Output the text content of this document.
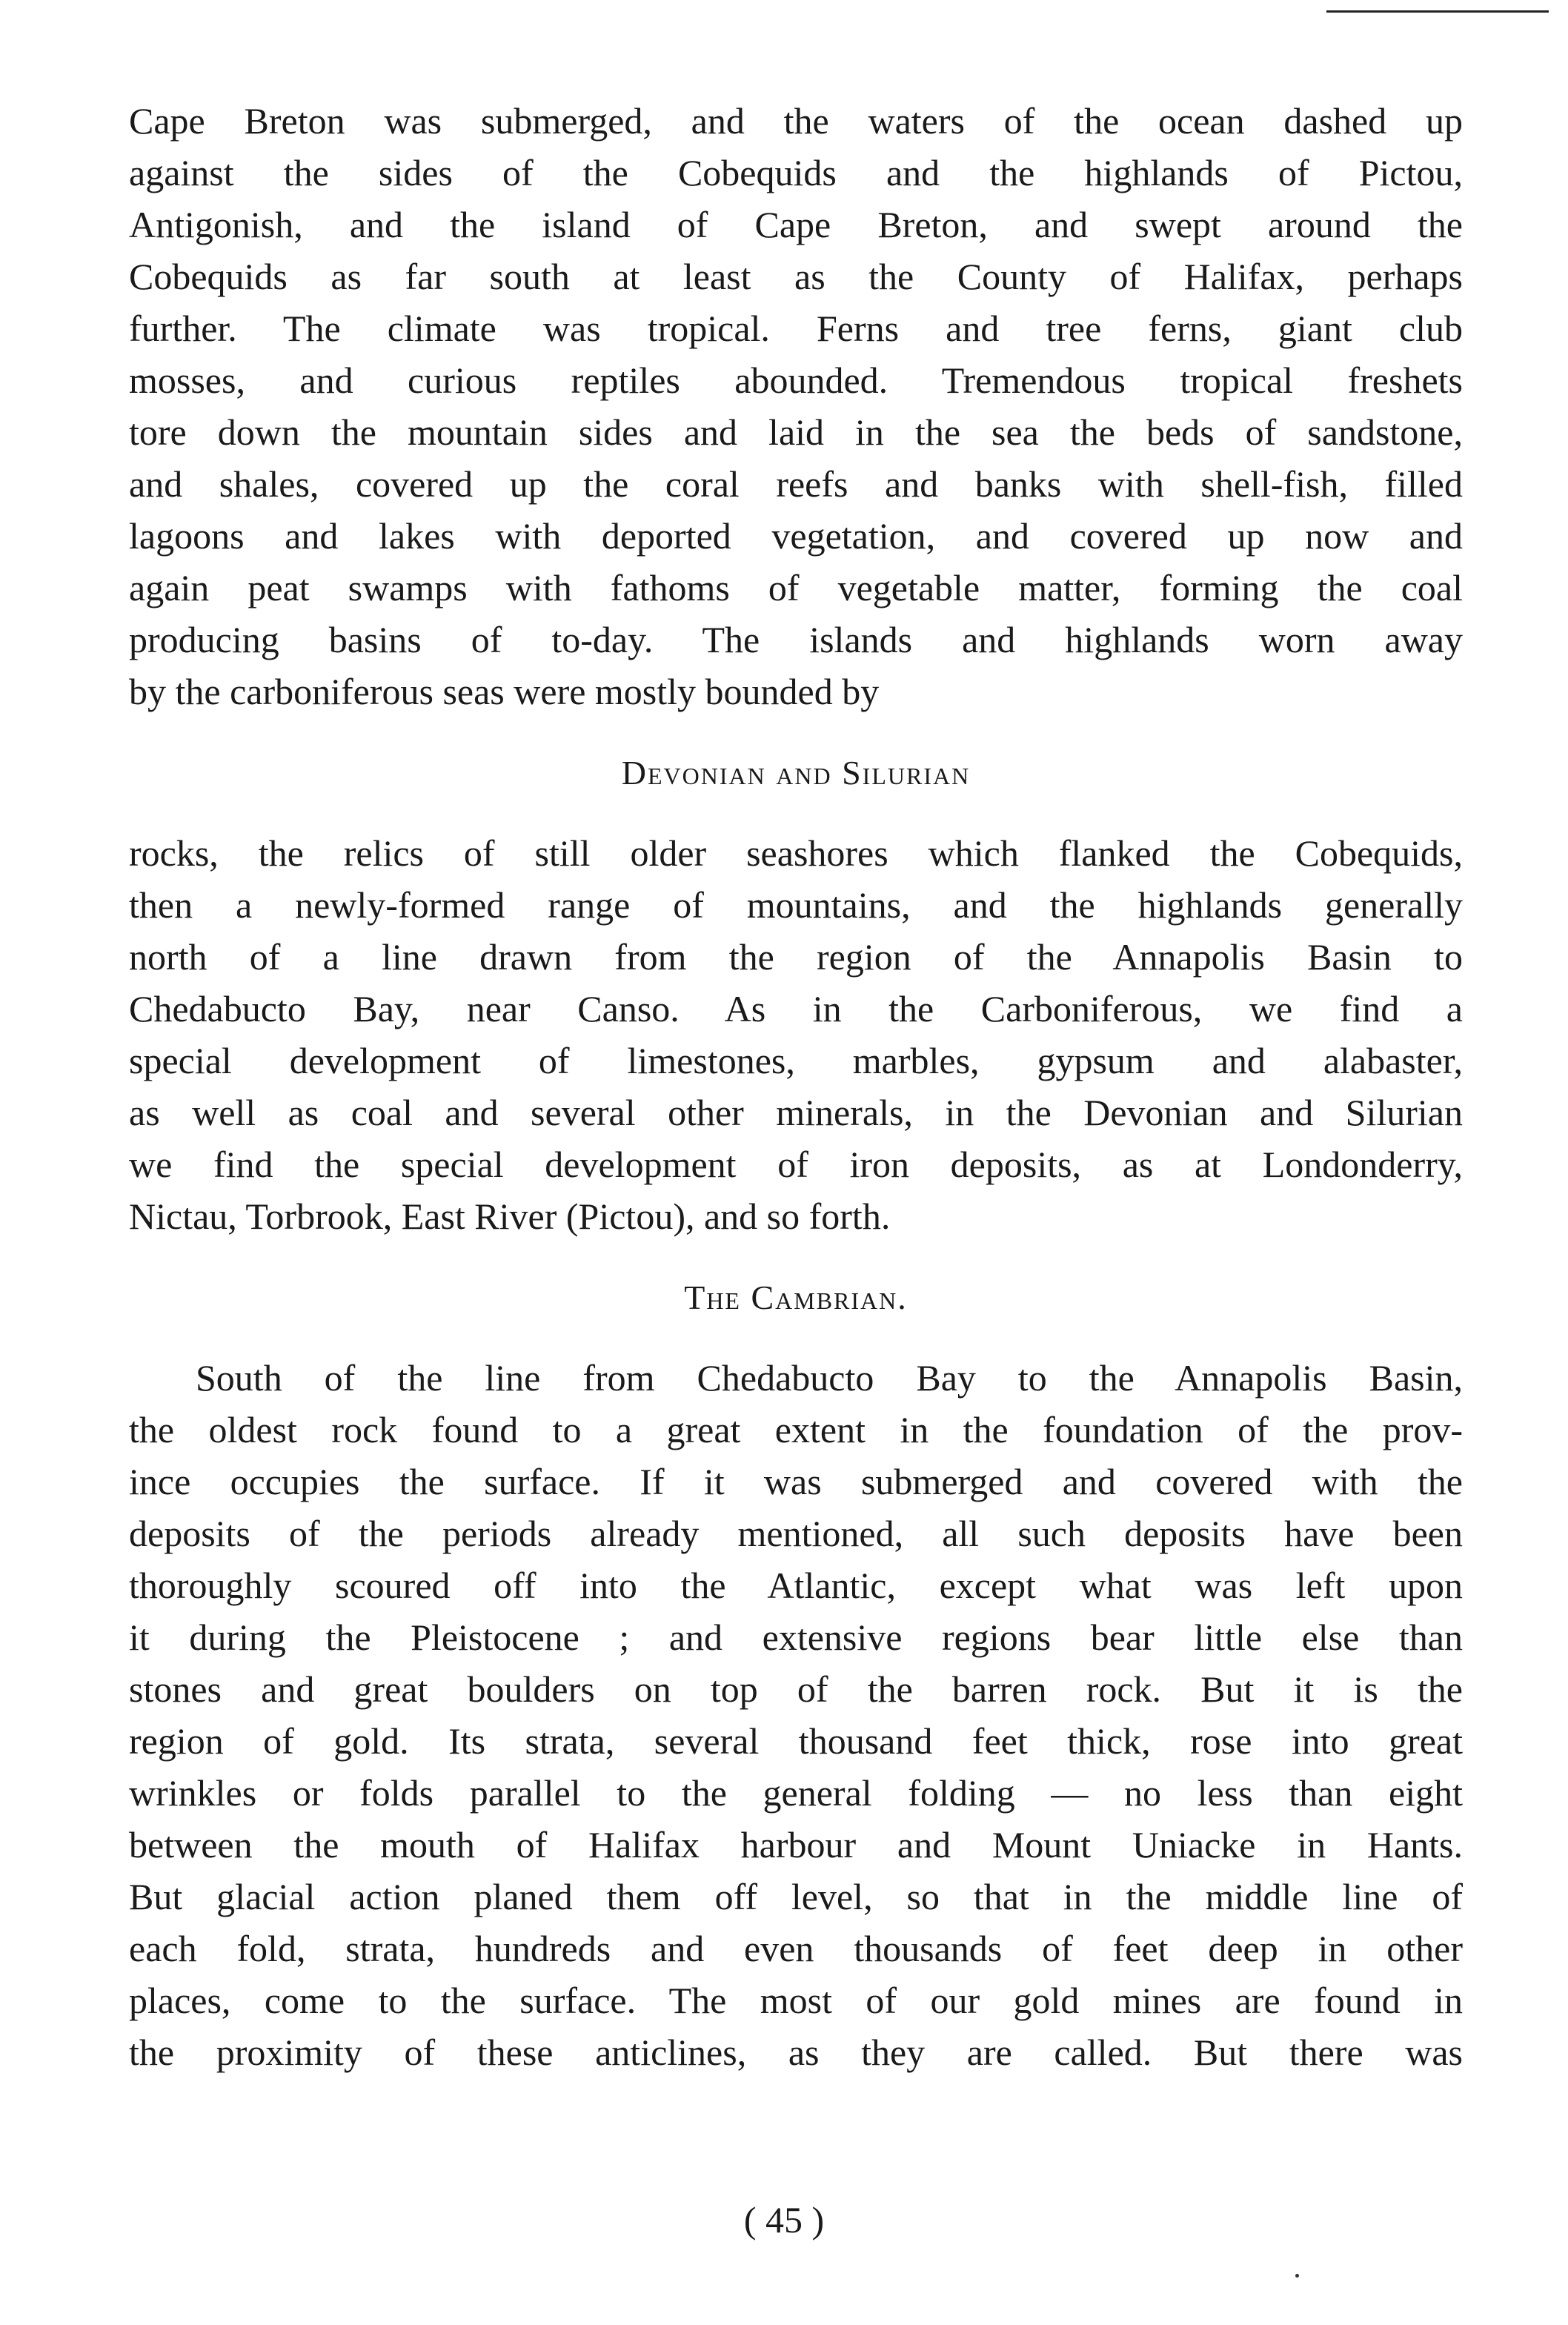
Cape Breton was submerged, and the waters of the ocean dashed up
against the sides of the Cobequids and the highlands of Pictou,
Antigonish, and the island of Cape Breton, and swept around the
Cobequids as far south at least as the County of Halifax, perhaps
further. The climate was tropical. Ferns and tree ferns, giant club
mosses, and curious reptiles abounded. Tremendous tropical freshets
tore down the mountain sides and laid in the sea the beds of sandstone,
and shales, covered up the coral reefs and banks with shell-fish, filled
lagoons and lakes with deported vegetation, and covered up now and
again peat swamps with fathoms of vegetable matter, forming the coal
producing basins of to-day. The islands and highlands worn away
by the carboniferous seas were mostly bounded by
Devonian and Silurian
rocks, the relics of still older seashores which flanked the Cobequids,
then a newly-formed range of mountains, and the highlands generally
north of a line drawn from the region of the Annapolis Basin to
Chedabucto Bay, near Canso. As in the Carboniferous, we find a
special development of limestones, marbles, gypsum and alabaster,
as well as coal and several other minerals, in the Devonian and Silurian
we find the special development of iron deposits, as at Londonderry,
Nictau, Torbrook, East River (Pictou), and so forth.
The Cambrian.
South of the line from Chedabucto Bay to the Annapolis Basin,
the oldest rock found to a great extent in the foundation of the prov-
ince occupies the surface. If it was submerged and covered with the
deposits of the periods already mentioned, all such deposits have been
thoroughly scoured off into the Atlantic, except what was left upon
it during the Pleistocene ; and extensive regions bear little else than
stones and great boulders on top of the barren rock. But it is the
region of gold. Its strata, several thousand feet thick, rose into great
wrinkles or folds parallel to the general folding — no less than eight
between the mouth of Halifax harbour and Mount Uniacke in Hants.
But glacial action planed them off level, so that in the middle line of
each fold, strata, hundreds and even thousands of feet deep in other
places, come to the surface. The most of our gold mines are found in
the proximity of these anticlines, as they are called. But there was
( 45 )
